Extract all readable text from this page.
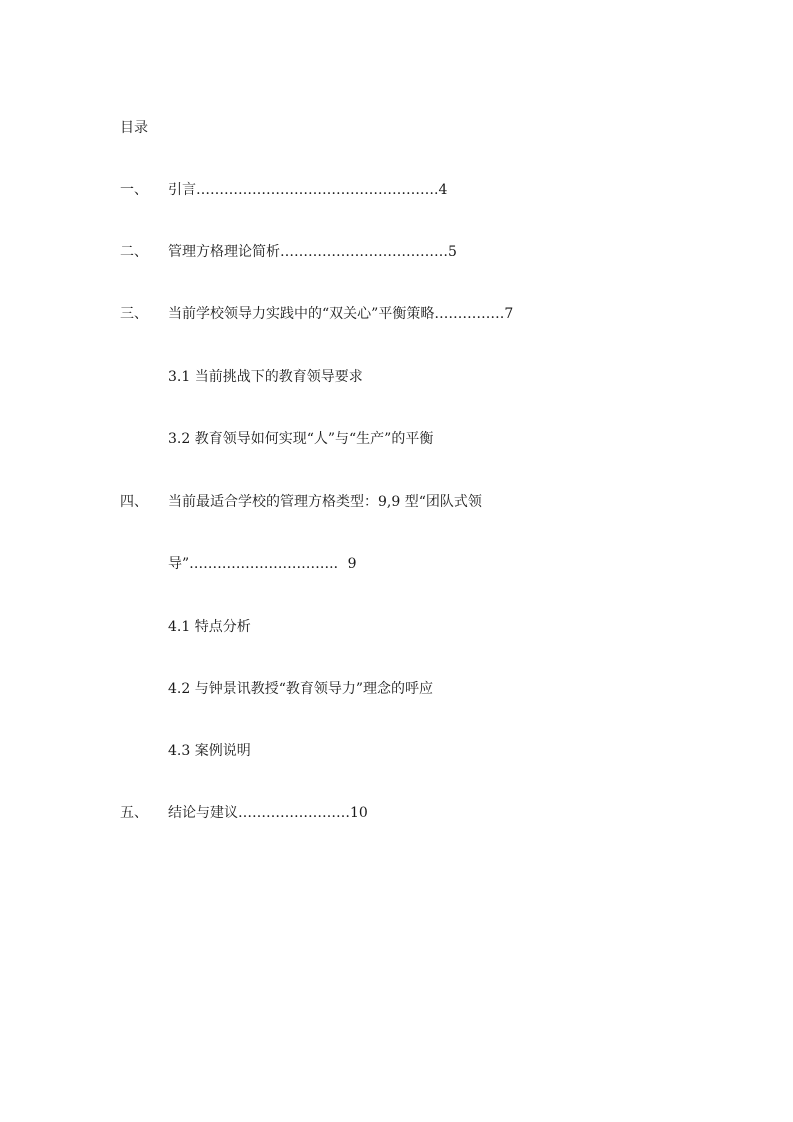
目录
一、 引言…………………………………………….4
二、 管理方格理论简析………………………………5
三、 当前学校领导力实践中的“双关心”平衡策略……………7
3.1 当前挑战下的教育领导要求
3.2 教育领导如何实现“人”与“生产”的平衡
四、 当前最适合学校的管理方格类型：9,9 型“团队式领
导”………………………….．9
4.1 特点分析
4.2 与钟景讯教授“教育领导力”理念的呼应
4.3 案例说明
五、 结论与建议……………………10
